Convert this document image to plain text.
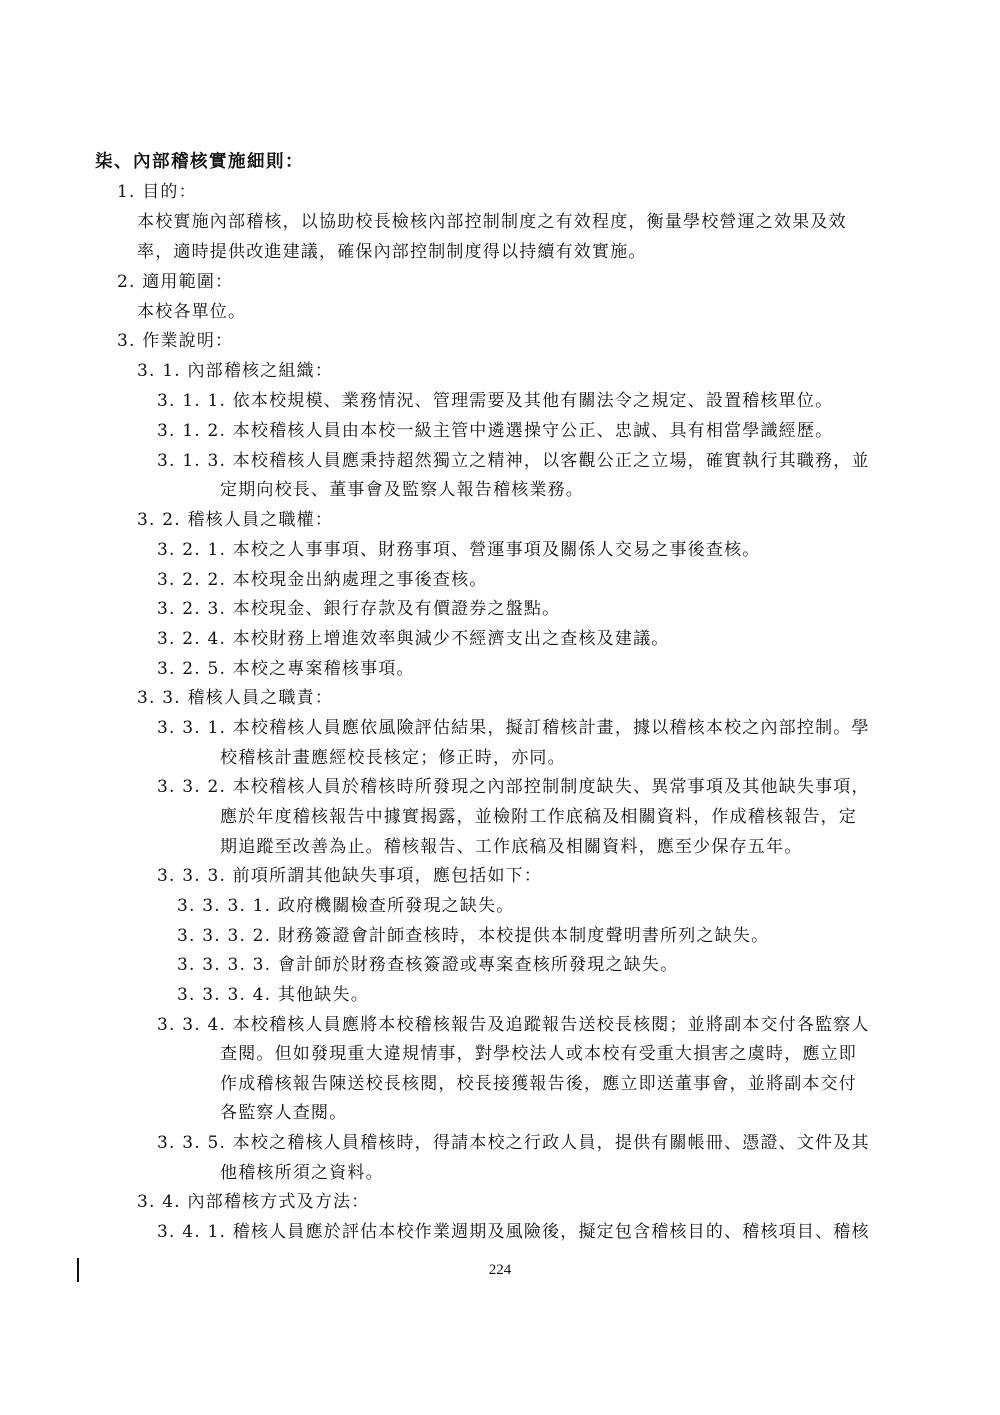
柒、內部稽核實施細則：
1. 目的：
本校實施內部稽核，以協助校長檢核內部控制制度之有效程度，衡量學校營運之效果及效
率，適時提供改進建議，確保內部控制制度得以持續有效實施。
2. 適用範圍：
本校各單位。
3. 作業說明：
3. 1. 內部稽核之組織：
3. 1. 1. 依本校規模、業務情況、管理需要及其他有關法令之規定、設置稽核單位。
3. 1. 2. 本校稽核人員由本校一級主管中遴選操守公正、忠誠、具有相當學識經歷。
3. 1. 3. 本校稽核人員應秉持超然獨立之精神，以客觀公正之立場，確實執行其職務，並
定期向校長、董事會及監察人報告稽核業務。
3. 2. 稽核人員之職權：
3. 2. 1. 本校之人事事項、財務事項、營運事項及關係人交易之事後查核。
3. 2. 2. 本校現金出納處理之事後查核。
3. 2. 3. 本校現金、銀行存款及有價證券之盤點。
3. 2. 4. 本校財務上增進效率與減少不經濟支出之查核及建議。
3. 2. 5. 本校之專案稽核事項。
3. 3. 稽核人員之職責：
3. 3. 1. 本校稽核人員應依風險評估結果，擬訂稽核計畫，據以稽核本校之內部控制。學
校稽核計畫應經校長核定；修正時，亦同。
3. 3. 2. 本校稽核人員於稽核時所發現之內部控制制度缺失、異常事項及其他缺失事項，
應於年度稽核報告中據實揭露，並檢附工作底稿及相關資料，作成稽核報告，定
期追蹤至改善為止。稽核報告、工作底稿及相關資料，應至少保存五年。
3. 3. 3. 前項所謂其他缺失事項，應包括如下：
3. 3. 3. 1. 政府機關檢查所發現之缺失。
3. 3. 3. 2. 財務簽證會計師查核時，本校提供本制度聲明書所列之缺失。
3. 3. 3. 3. 會計師於財務查核簽證或專案查核所發現之缺失。
3. 3. 3. 4. 其他缺失。
3. 3. 4. 本校稽核人員應將本校稽核報告及追蹤報告送校長核閱；並將副本交付各監察人
查閱。但如發現重大違規情事，對學校法人或本校有受重大損害之虞時，應立即
作成稽核報告陳送校長核閱，校長接獲報告後，應立即送董事會，並將副本交付
各監察人查閱。
3. 3. 5. 本校之稽核人員稽核時，得請本校之行政人員，提供有關帳冊、憑證、文件及其
他稽核所須之資料。
3. 4. 內部稽核方式及方法：
3. 4. 1. 稽核人員應於評估本校作業週期及風險後，擬定包含稽核目的、稽核項目、稽核
224
